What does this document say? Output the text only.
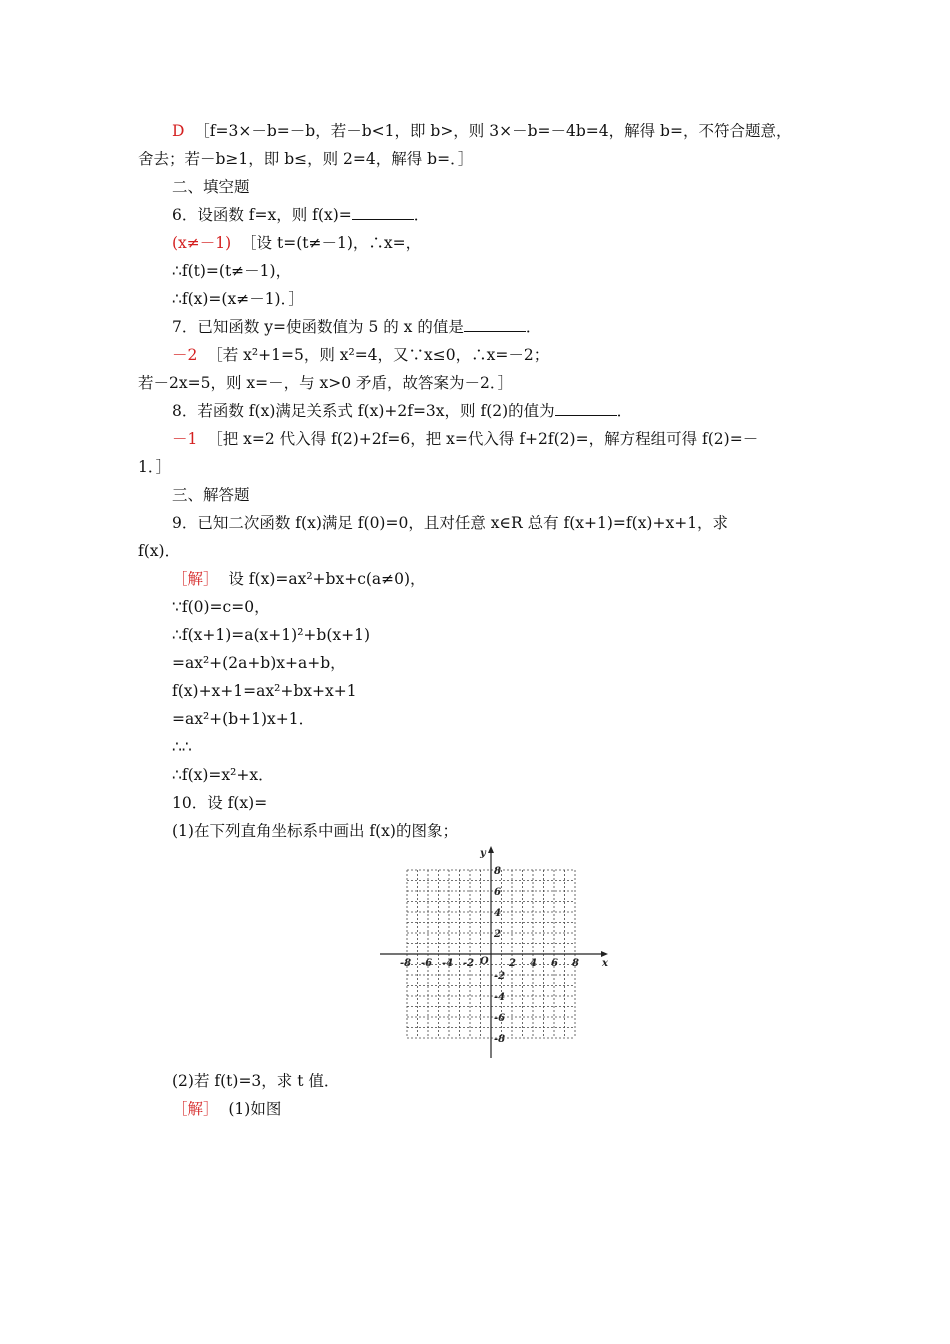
D ［f=3×－b=－b，若－b<1，即 b>，则 3×－b=－4b=4，解得 b=，不符合题意，
舍去；若－b≥1，即 b≤，则 2=4，解得 b=．］
二、填空题
6．设函数 f=x，则 f(x)=	．
(x≠－1) ［设 t=(t≠－1)，∴x=，
∴f(t)=(t≠－1)，
∴f(x)=(x≠－1)．］
7．已知函数 y=使函数值为 5 的 x 的值是	．
－2 ［若 x²+1=5，则 x²=4，又∵x≤0，∴x=－2；
若－2x=5，则 x=－，与 x>0 矛盾，故答案为－2．］
8．若函数 f(x)满足关系式 f(x)+2f=3x，则 f(2)的值为	．
－1 ［把 x=2 代入得 f(2)+2f=6，把 x=代入得 f+2f(2)=，解方程组可得 f(2)=－
1．］
三、解答题
9．已知二次函数 f(x)满足 f(0)=0，且对任意 x∈R 总有 f(x+1)=f(x)+x+1，求
f(x)．
［解］ 设 f(x)=ax²+bx+c(a≠0)，
∵f(0)=c=0，
∴f(x+1)=a(x+1)²+b(x+1)
=ax²+(2a+b)x+a+b，
f(x)+x+1=ax²+bx+x+1
=ax²+(b+1)x+1．
∴∴
∴f(x)=x²+x．
10．设 f(x)=
(1)在下列直角坐标系中画出 f(x)的图象；
x
y
O
-8 -6 -4 -2	2 4 6 8
8
6
4
2
-2
-4
-6
-8
(2)若 f(t)=3，求 t 值．
［解］ (1)如图
